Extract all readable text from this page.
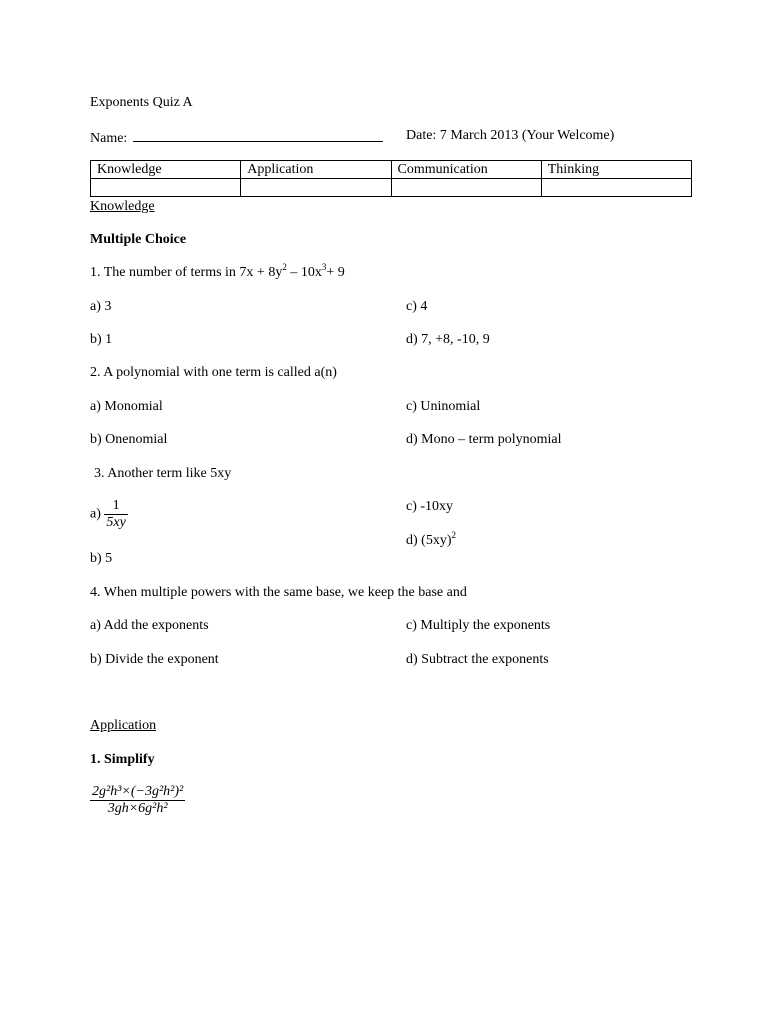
Exponents Quiz A
Name:	Date: 7 March 2013 (Your Welcome)
Knowledge	Application	Communication	Thinking

Knowledge
Multiple Choice
1. The number of terms in $7x + 8y^2 - 10x^3+ 9$
a) 3	c) 4
b) 1	d) 7, +8, -10, 9
2. A polynomial with one term is called a(n)
a) Monomial	c) Uninomial
b) Onenomial	d) Mono – term polynomial
3. Another term like 5xy
$a) \frac{1}{5xy}$	c) -10xy
d) $(5xy)^2$
b) 5
4. When multiple powers with the same base, we keep the base and
a) Add the exponents	c) Multiply the exponents
b) Divide the exponent	d) Subtract the exponents
Application
1. Simplify
$\frac{\text{2g²h³×(−3g²h²)²}}{\text{3gh×6g²h²}}$
